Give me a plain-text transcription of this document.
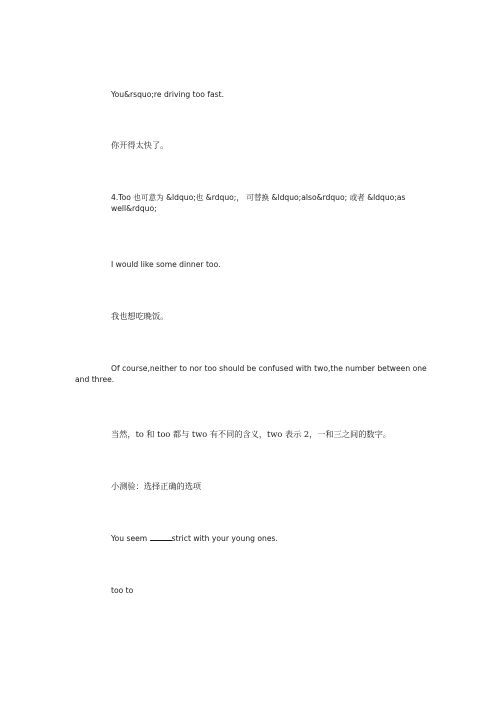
You&rsquo;re driving too fast.
你开得太快了。
4.Too 也可意为 &ldquo;也 &rdquo;， 可替换 &ldquo;also&rdquo; 或者 &ldquo;as well&rdquo;
I would like some dinner too.
我也想吃晚饭。
Of course,neither to nor too should be confused with two,the number between one and three.
当然，to 和 too 都与 two 有不同的含义，two 表示 2，一和三之间的数字。
小测验：选择正确的选项
You seem	strict with your young ones.
too to
